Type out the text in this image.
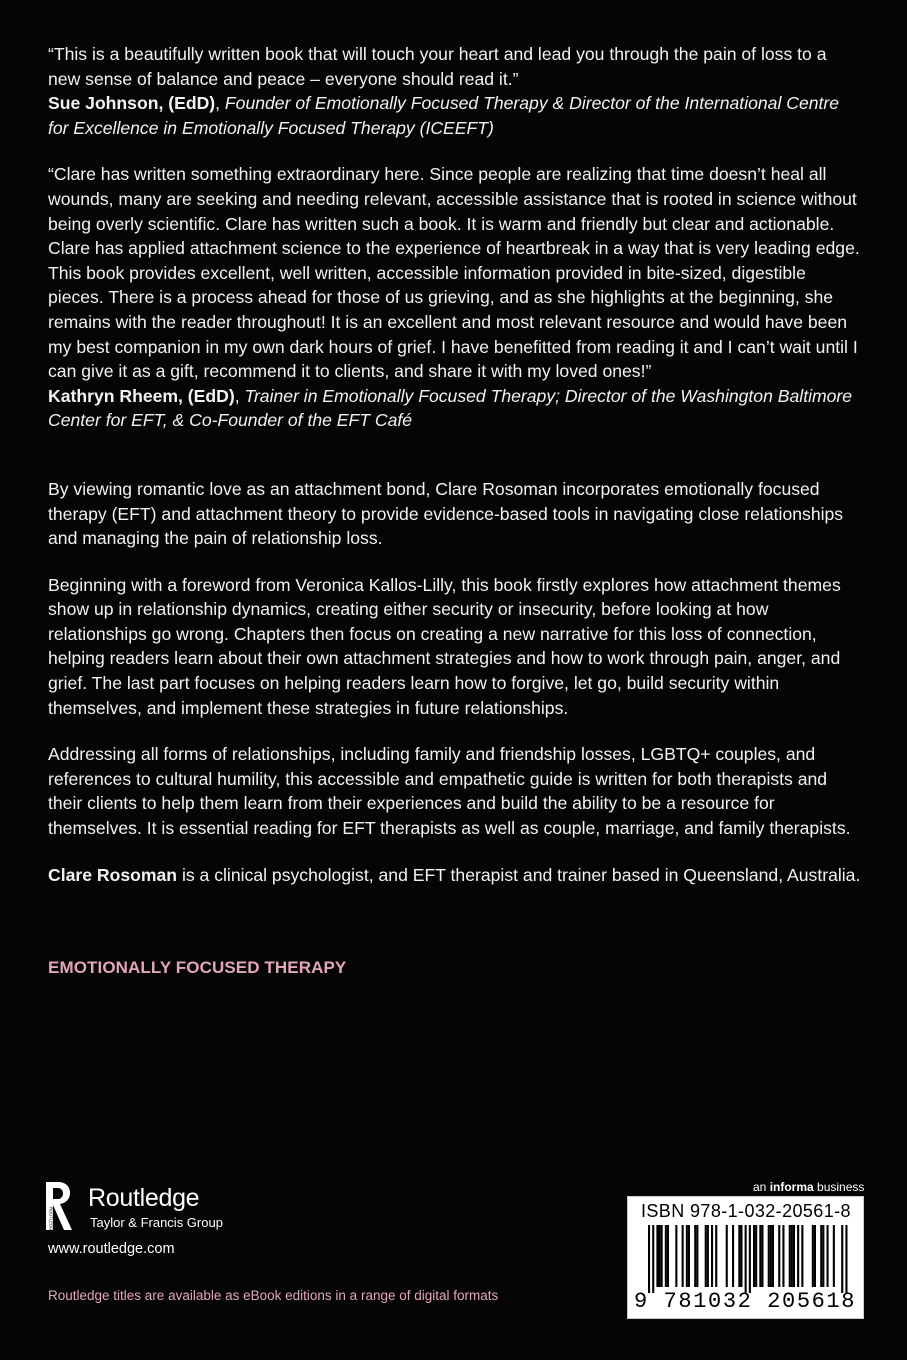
“This is a beautifully written book that will touch your heart and lead you through the pain of loss to a new sense of balance and peace – everyone should read it.”

Sue Johnson, (EdD), Founder of Emotionally Focused Therapy & Director of the International Centre for Excellence in Emotionally Focused Therapy (ICEEFT)

“Clare has written something extraordinary here. Since people are realizing that time doesn’t heal all wounds, many are seeking and needing relevant, accessible assistance that is rooted in science without being overly scientific. Clare has written such a book. It is warm and friendly but clear and actionable. Clare has applied attachment science to the experience of heartbreak in a way that is very leading edge. This book provides excellent, well written, accessible information provided in bite-sized, digestible pieces. There is a process ahead for those of us grieving, and as she highlights at the beginning, she remains with the reader throughout! It is an excellent and most relevant resource and would have been my best companion in my own dark hours of grief. I have benefitted from reading it and I can’t wait until I can give it as a gift, recommend it to clients, and share it with my loved ones!”

Kathryn Rheem, (EdD), Trainer in Emotionally Focused Therapy; Director of the Washington Baltimore Center for EFT, & Co-Founder of the EFT Café

By viewing romantic love as an attachment bond, Clare Rosoman incorporates emotionally focused therapy (EFT) and attachment theory to provide evidence-based tools in navigating close relationships and managing the pain of relationship loss.

Beginning with a foreword from Veronica Kallos-Lilly, this book firstly explores how attachment themes show up in relationship dynamics, creating either security or insecurity, before looking at how relationships go wrong. Chapters then focus on creating a new narrative for this loss of connection, helping readers learn about their own attachment strategies and how to work through pain, anger, and grief. The last part focuses on helping readers learn how to forgive, let go, build security within themselves, and implement these strategies in future relationships.

Addressing all forms of relationships, including family and friendship losses, LGBTQ+ couples, and references to cultural humility, this accessible and empathetic guide is written for both therapists and their clients to help them learn from their experiences and build the ability to be a resource for themselves. It is essential reading for EFT therapists as well as couple, marriage, and family therapists.

Clare Rosoman is a clinical psychologist, and EFT therapist and trainer based in Queensland, Australia.

EMOTIONALLY FOCUSED THERAPY
ROUTLEDGE
Routledge
Taylor & Francis Group
www.routledge.com
Routledge titles are available as eBook editions in a range of digital formats
an informa business
ISBN 978-1-032-20561-8
9 781032 205618
